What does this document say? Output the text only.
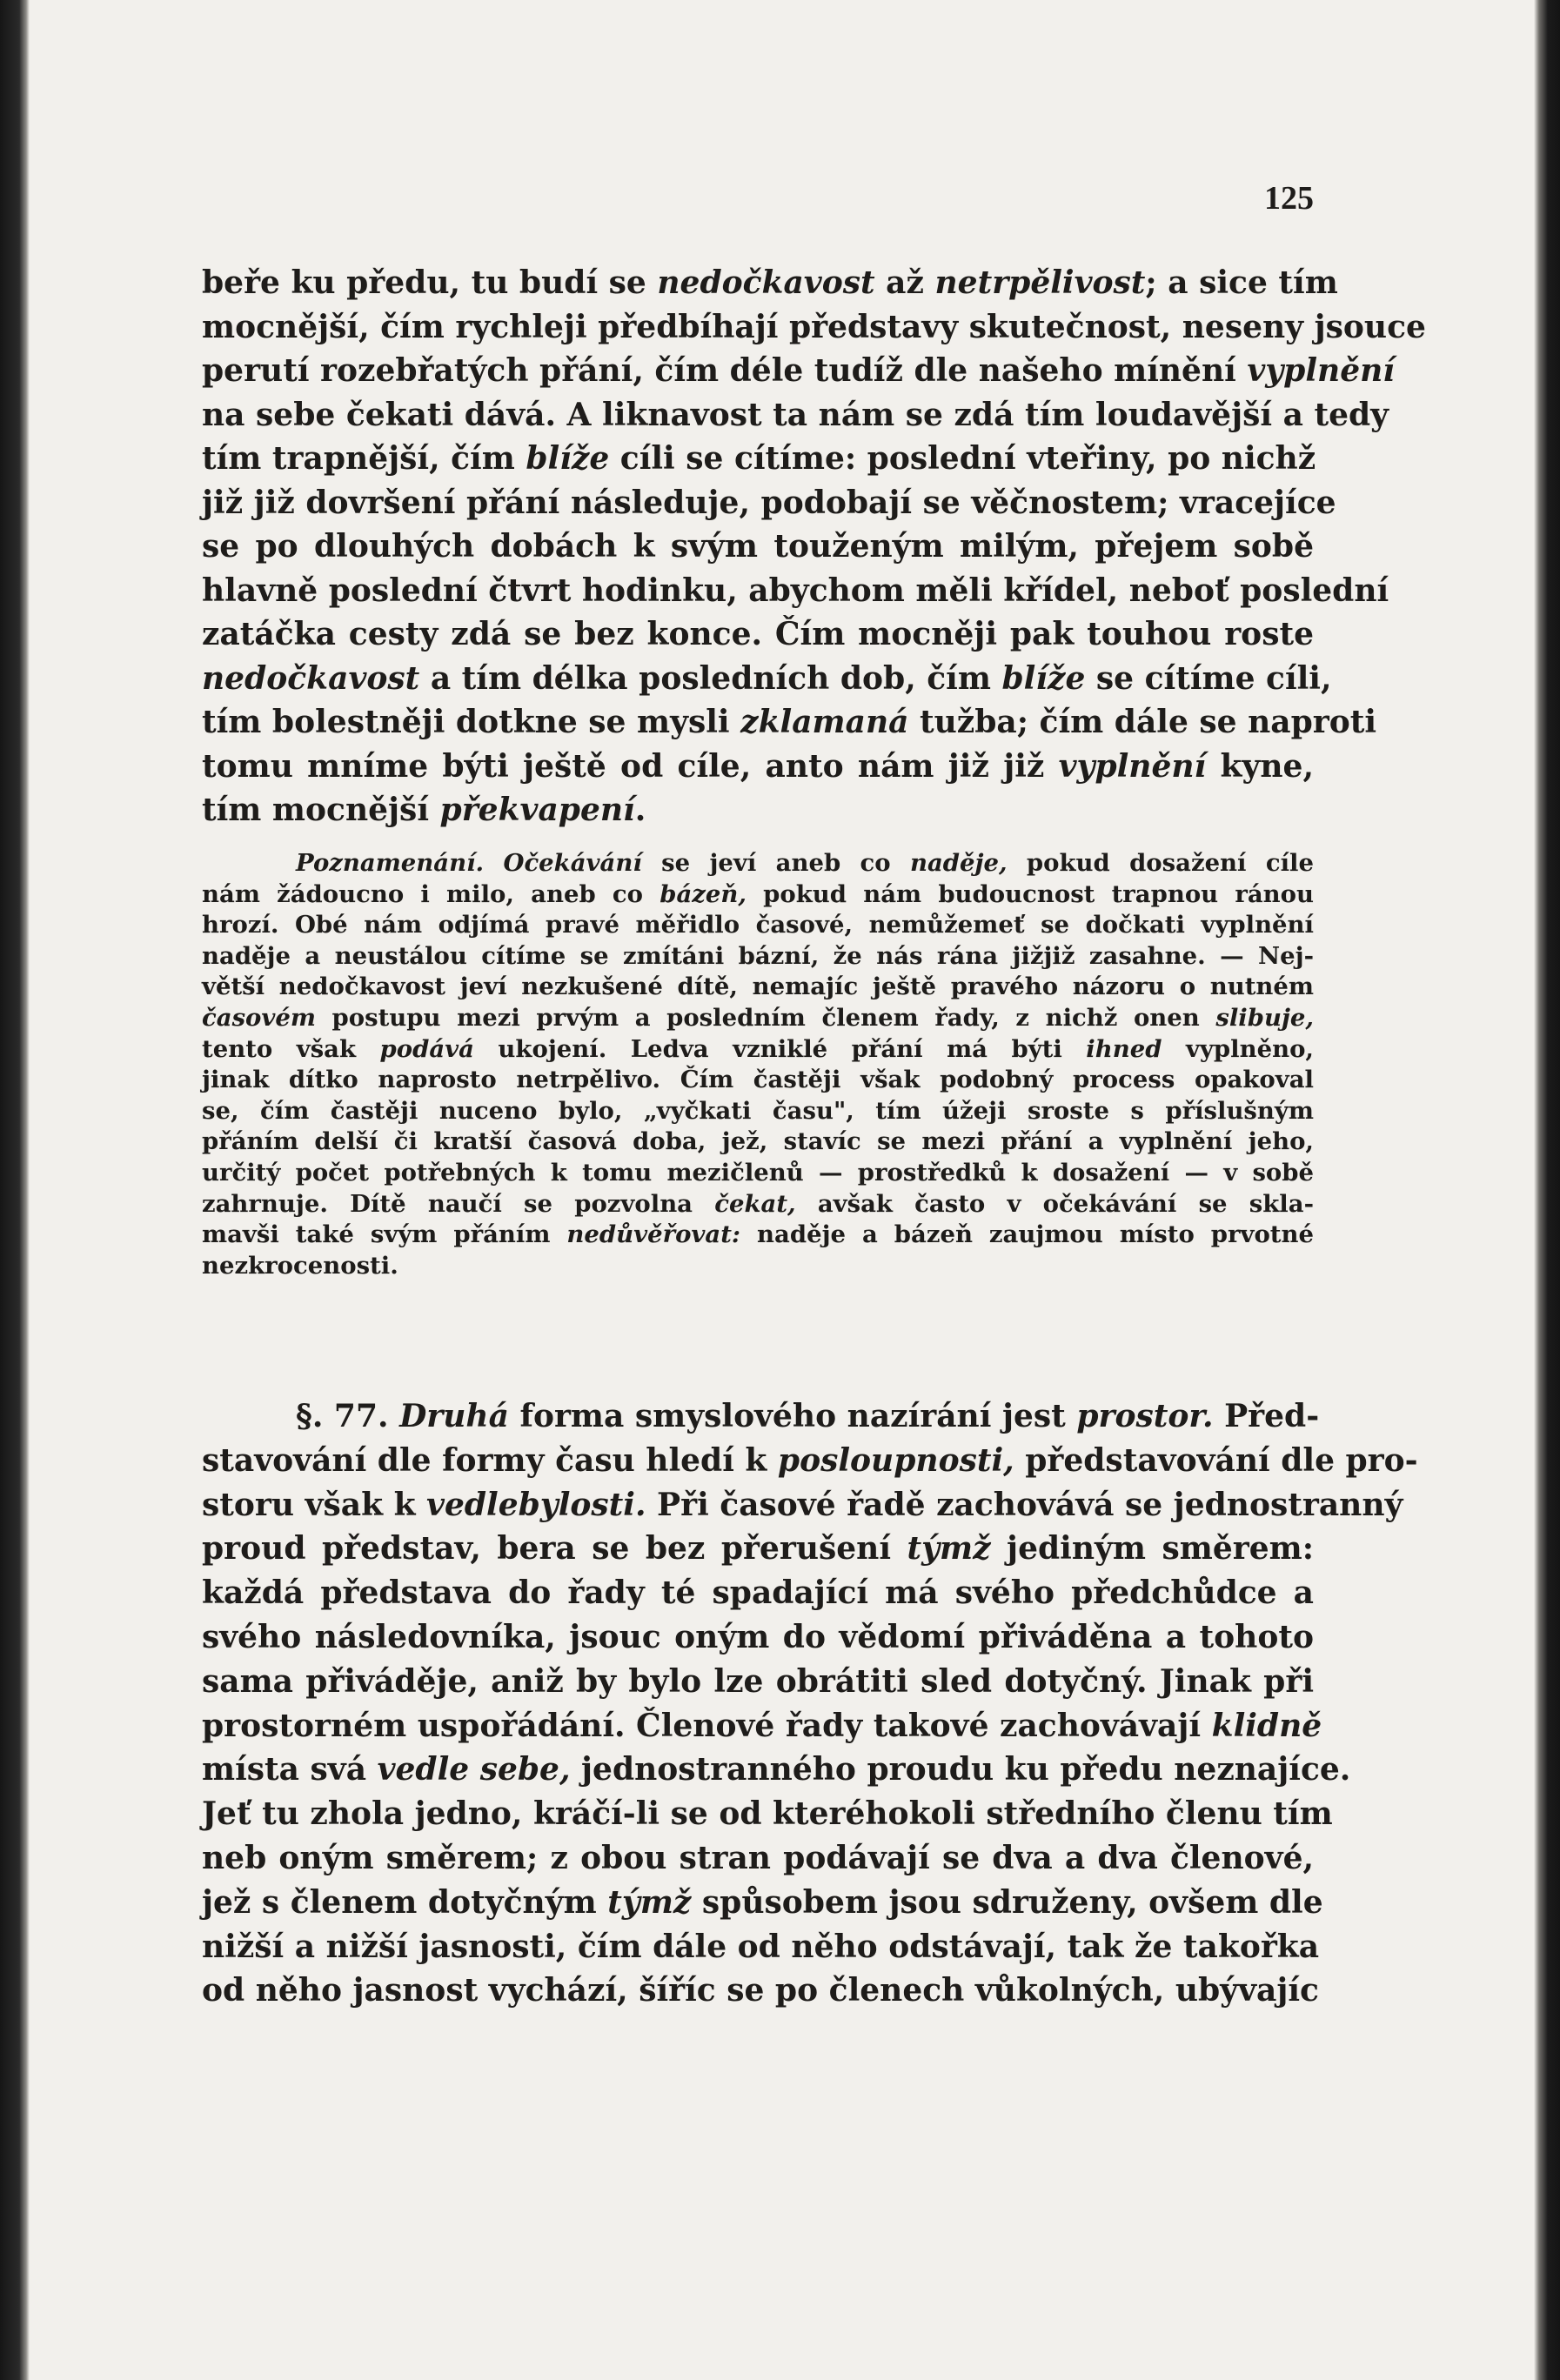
125
beře ku předu, tu budí se nedočkavost až netrpělivost; a sice tím
mocnější, čím rychleji předbíhají představy skutečnost, neseny jsouce
perutí rozebřatých přání, čím déle tudíž dle našeho mínění vyplnění
na sebe čekati dává. A liknavost ta nám se zdá tím loudavější a tedy
tím trapnější, čím blíže cíli se cítíme: poslední vteřiny, po nichž
již již dovršení přání následuje, podobají se věčnostem; vracejíce
se po dlouhých dobách k svým touženým milým, přejem sobě
hlavně poslední čtvrt hodinku, abychom měli křídel, neboť poslední
zatáčka cesty zdá se bez konce. Čím mocněji pak touhou roste
nedočkavost a tím délka posledních dob, čím blíže se cítíme cíli,
tím bolestněji dotkne se mysli zklamaná tužba; čím dále se naproti
tomu mníme býti ještě od cíle, anto nám již již vyplnění kyne,
tím mocnější překvapení.
Poznamenání. Očekávání se jeví aneb co naděje, pokud dosažení cíle
nám žádoucno i milo, aneb co bázeň, pokud nám budoucnost trapnou ránou
hrozí. Obé nám odjímá pravé měřidlo časové, nemůžemeť se dočkati vyplnění
naděje a neustálou cítíme se zmítáni bázní, že nás rána jižjiž zasahne. — Nej-
větší nedočkavost jeví nezkušené dítě, nemajíc ještě pravého názoru o nutném
časovém postupu mezi prvým a posledním členem řady, z nichž onen slibuje,
tento však podává ukojení. Ledva vzniklé přání má býti ihned vyplněno,
jinak dítko naprosto netrpělivo. Čím častěji však podobný process opakoval
se, čím častěji nuceno bylo, „vyčkati času", tím úžeji sroste s příslušným
přáním delší či kratší časová doba, jež, stavíc se mezi přání a vyplnění jeho,
určitý počet potřebných k tomu mezičlenů — prostředků k dosažení — v sobě
zahrnuje. Dítě naučí se pozvolna čekat, avšak často v očekávání se skla-
mavši také svým přáním nedůvěřovat: naděje a bázeň zaujmou místo prvotné
nezkrocenosti.
§. 77. Druhá forma smyslového nazírání jest prostor. Před-
stavování dle formy času hledí k posloupnosti, představování dle pro-
storu však k vedlebylosti. Při časové řadě zachovává se jednostranný
proud představ, bera se bez přerušení týmž jediným směrem:
každá představa do řady té spadající má svého předchůdce a
svého následovníka, jsouc oným do vědomí přiváděna a tohoto
sama přiváděje, aniž by bylo lze obrátiti sled dotyčný. Jinak při
prostorném uspořádání. Členové řady takové zachovávají klidně
místa svá vedle sebe, jednostranného proudu ku předu neznajíce.
Jeť tu zhola jedno, kráčí-li se od kteréhokoli středního členu tím
neb oným směrem; z obou stran podávají se dva a dva členové,
jež s členem dotyčným týmž spůsobem jsou sdruženy, ovšem dle
nižší a nižší jasnosti, čím dále od něho odstávají, tak že takořka
od něho jasnost vychází, šíříc se po členech vůkolných, ubývajíc
